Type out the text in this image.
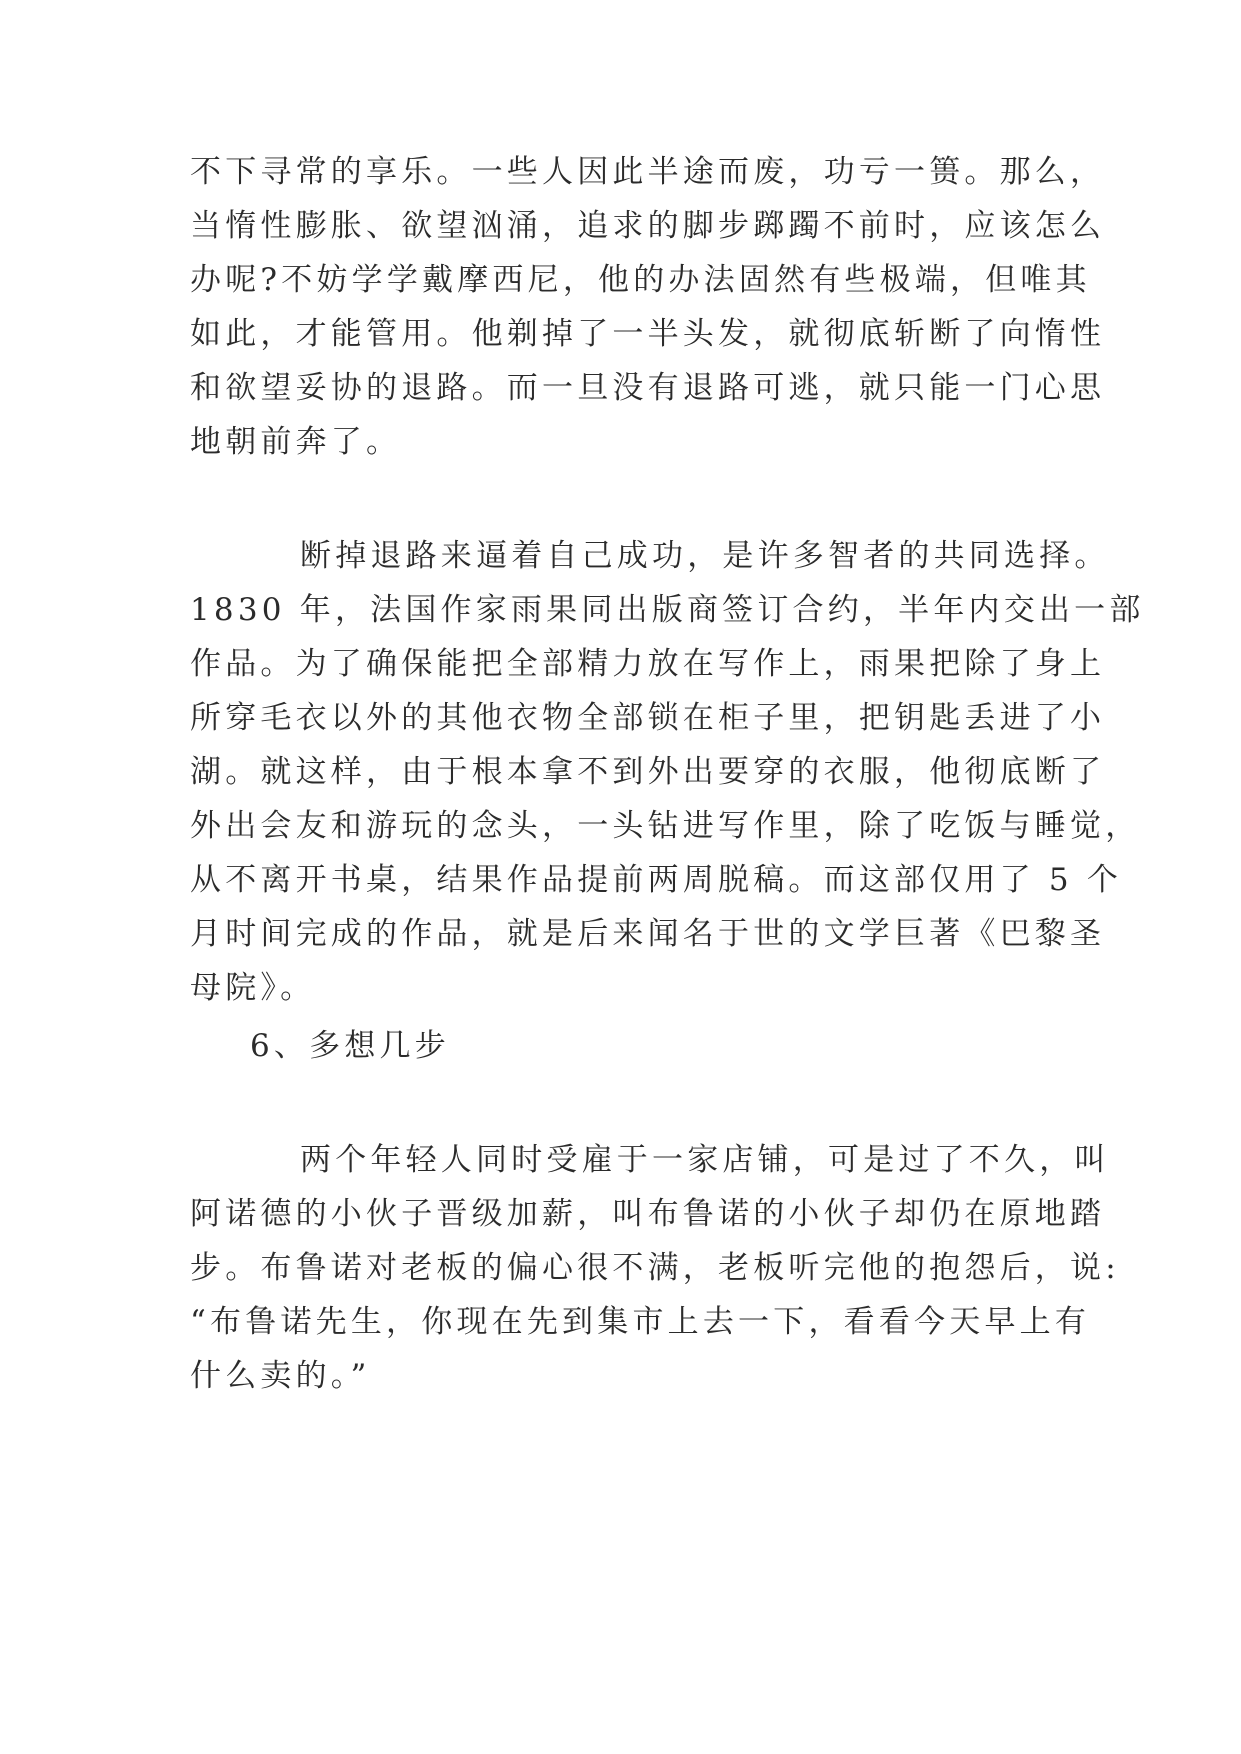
不下寻常的享乐。一些人因此半途而废，功亏一篑。那么，

当惰性膨胀、欲望汹涌，追求的脚步踯躅不前时，应该怎么

办呢?不妨学学戴摩西尼，他的办法固然有些极端，但唯其

如此，才能管用。他剃掉了一半头发，就彻底斩断了向惰性

和欲望妥协的退路。而一旦没有退路可逃，就只能一门心思

地朝前奔了。

断掉退路来逼着自己成功，是许多智者的共同选择。

1830 年，法国作家雨果同出版商签订合约，半年内交出一部

作品。为了确保能把全部精力放在写作上，雨果把除了身上

所穿毛衣以外的其他衣物全部锁在柜子里，把钥匙丢进了小

湖。就这样，由于根本拿不到外出要穿的衣服，他彻底断了

外出会友和游玩的念头，一头钻进写作里，除了吃饭与睡觉，

从不离开书桌，结果作品提前两周脱稿。而这部仅用了 5 个

月时间完成的作品，就是后来闻名于世的文学巨著《巴黎圣

母院》。

6、多想几步

两个年轻人同时受雇于一家店铺，可是过了不久，叫

阿诺德的小伙子晋级加薪，叫布鲁诺的小伙子却仍在原地踏

步。布鲁诺对老板的偏心很不满，老板听完他的抱怨后，说:

“布鲁诺先生，你现在先到集市上去一下，看看今天早上有

什么卖的。”
